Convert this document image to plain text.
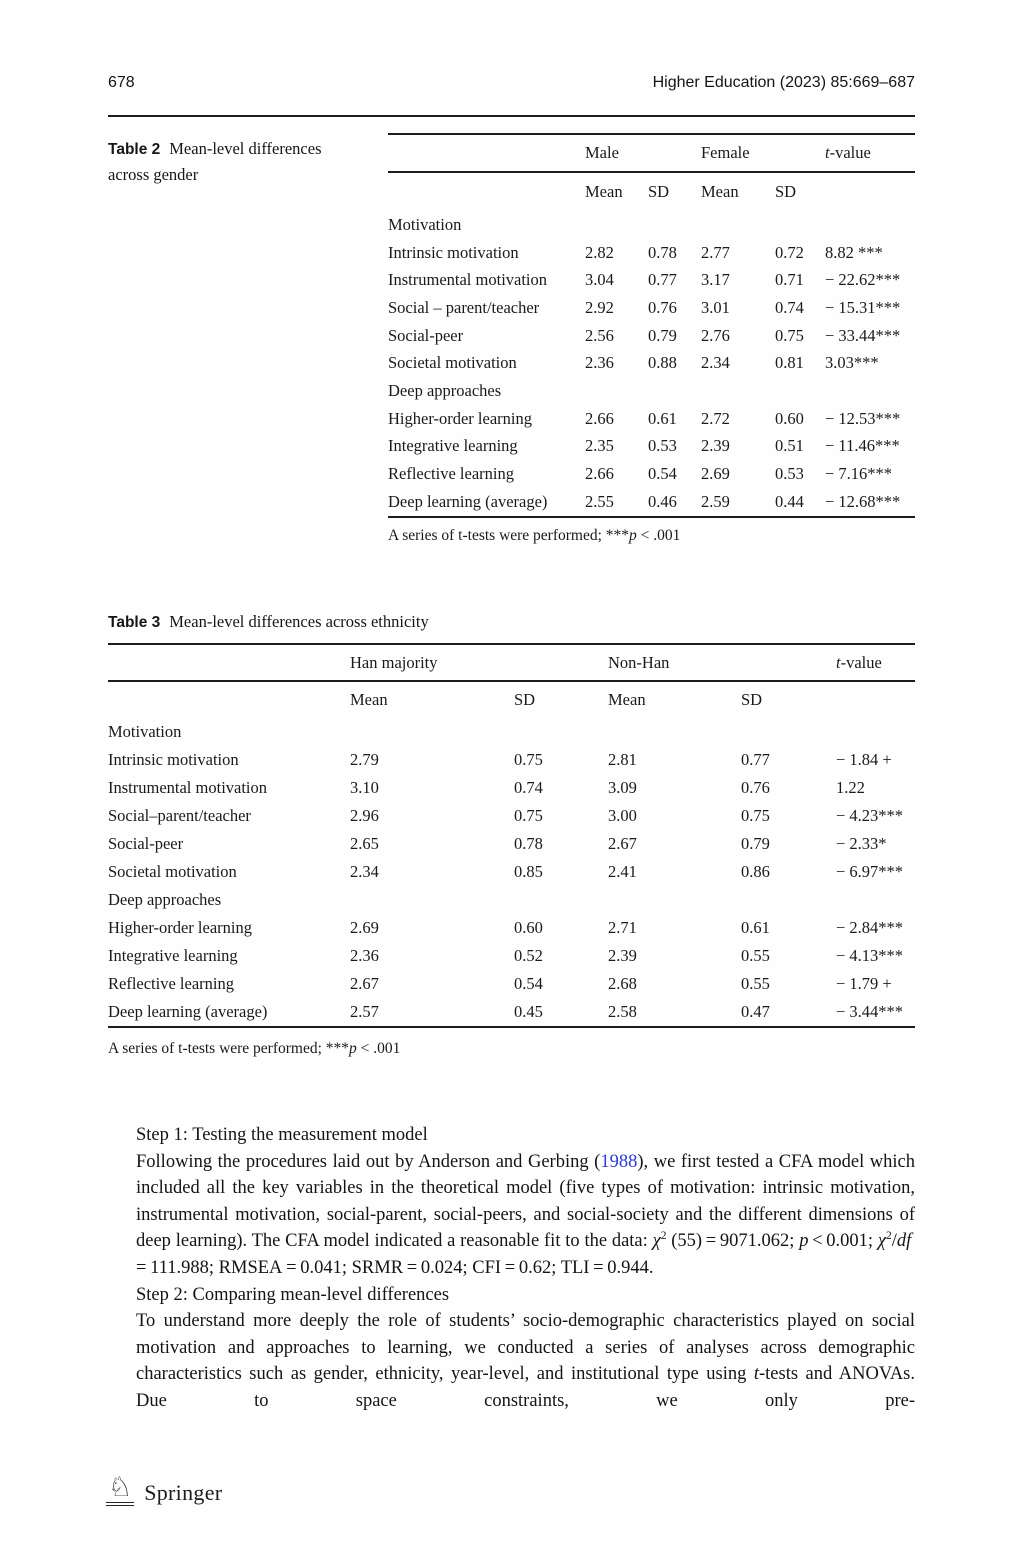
678	Higher Education (2023) 85:669–687
Table 2 Mean-level differences across gender
Male	Female	t-value
Mean	SD	Mean	SD
Motivation
Intrinsic motivation	2.82	0.78	2.77	0.72	8.82 ***
Instrumental motivation	3.04	0.77	3.17	0.71	− 22.62***
Social – parent/teacher	2.92	0.76	3.01	0.74	− 15.31***
Social-peer	2.56	0.79	2.76	0.75	− 33.44***
Societal motivation	2.36	0.88	2.34	0.81	3.03***
Deep approaches
Higher-order learning	2.66	0.61	2.72	0.60	− 12.53***
Integrative learning	2.35	0.53	2.39	0.51	− 11.46***
Reflective learning	2.66	0.54	2.69	0.53	− 7.16***
Deep learning (average)	2.55	0.46	2.59	0.44	− 12.68***
A series of t-tests were performed; ***p < .001
Table 3 Mean-level differences across ethnicity
Han majority	Non-Han	t-value
Mean	SD	Mean	SD
Motivation
Intrinsic motivation	2.79	0.75	2.81	0.77	− 1.84 +
Instrumental motivation	3.10	0.74	3.09	0.76	1.22
Social–parent/teacher	2.96	0.75	3.00	0.75	− 4.23***
Social-peer	2.65	0.78	2.67	0.79	− 2.33*
Societal motivation	2.34	0.85	2.41	0.86	− 6.97***
Deep approaches
Higher-order learning	2.69	0.60	2.71	0.61	− 2.84***
Integrative learning	2.36	0.52	2.39	0.55	− 4.13***
Reflective learning	2.67	0.54	2.68	0.55	− 1.79 +
Deep learning (average)	2.57	0.45	2.58	0.47	− 3.44***
A series of t-tests were performed; ***p < .001
Step 1: Testing the measurement model
Following the procedures laid out by Anderson and Gerbing (1988), we first tested a CFA model which included all the key variables in the theoretical model (five types of motivation: intrinsic motivation, instrumental motivation, social-parent, social-peers, and social-society and the different dimensions of deep learning). The CFA model indicated a reasonable fit to the data: $\chi^2$ (55) = 9071.062; p < 0.001; $\chi^2/df = 111.988$; RMSEA = 0.041; SRMR = 0.024; CFI = 0.62; TLI = 0.944.
Step 2: Comparing mean-level differences
To understand more deeply the role of students’ socio-demographic characteristics played on social motivation and approaches to learning, we conducted a series of analyses across demographic characteristics such as gender, ethnicity, year-level, and institutional type using t-tests and ANOVAs. Due to space constraints, we only pre-
♘ Springer
